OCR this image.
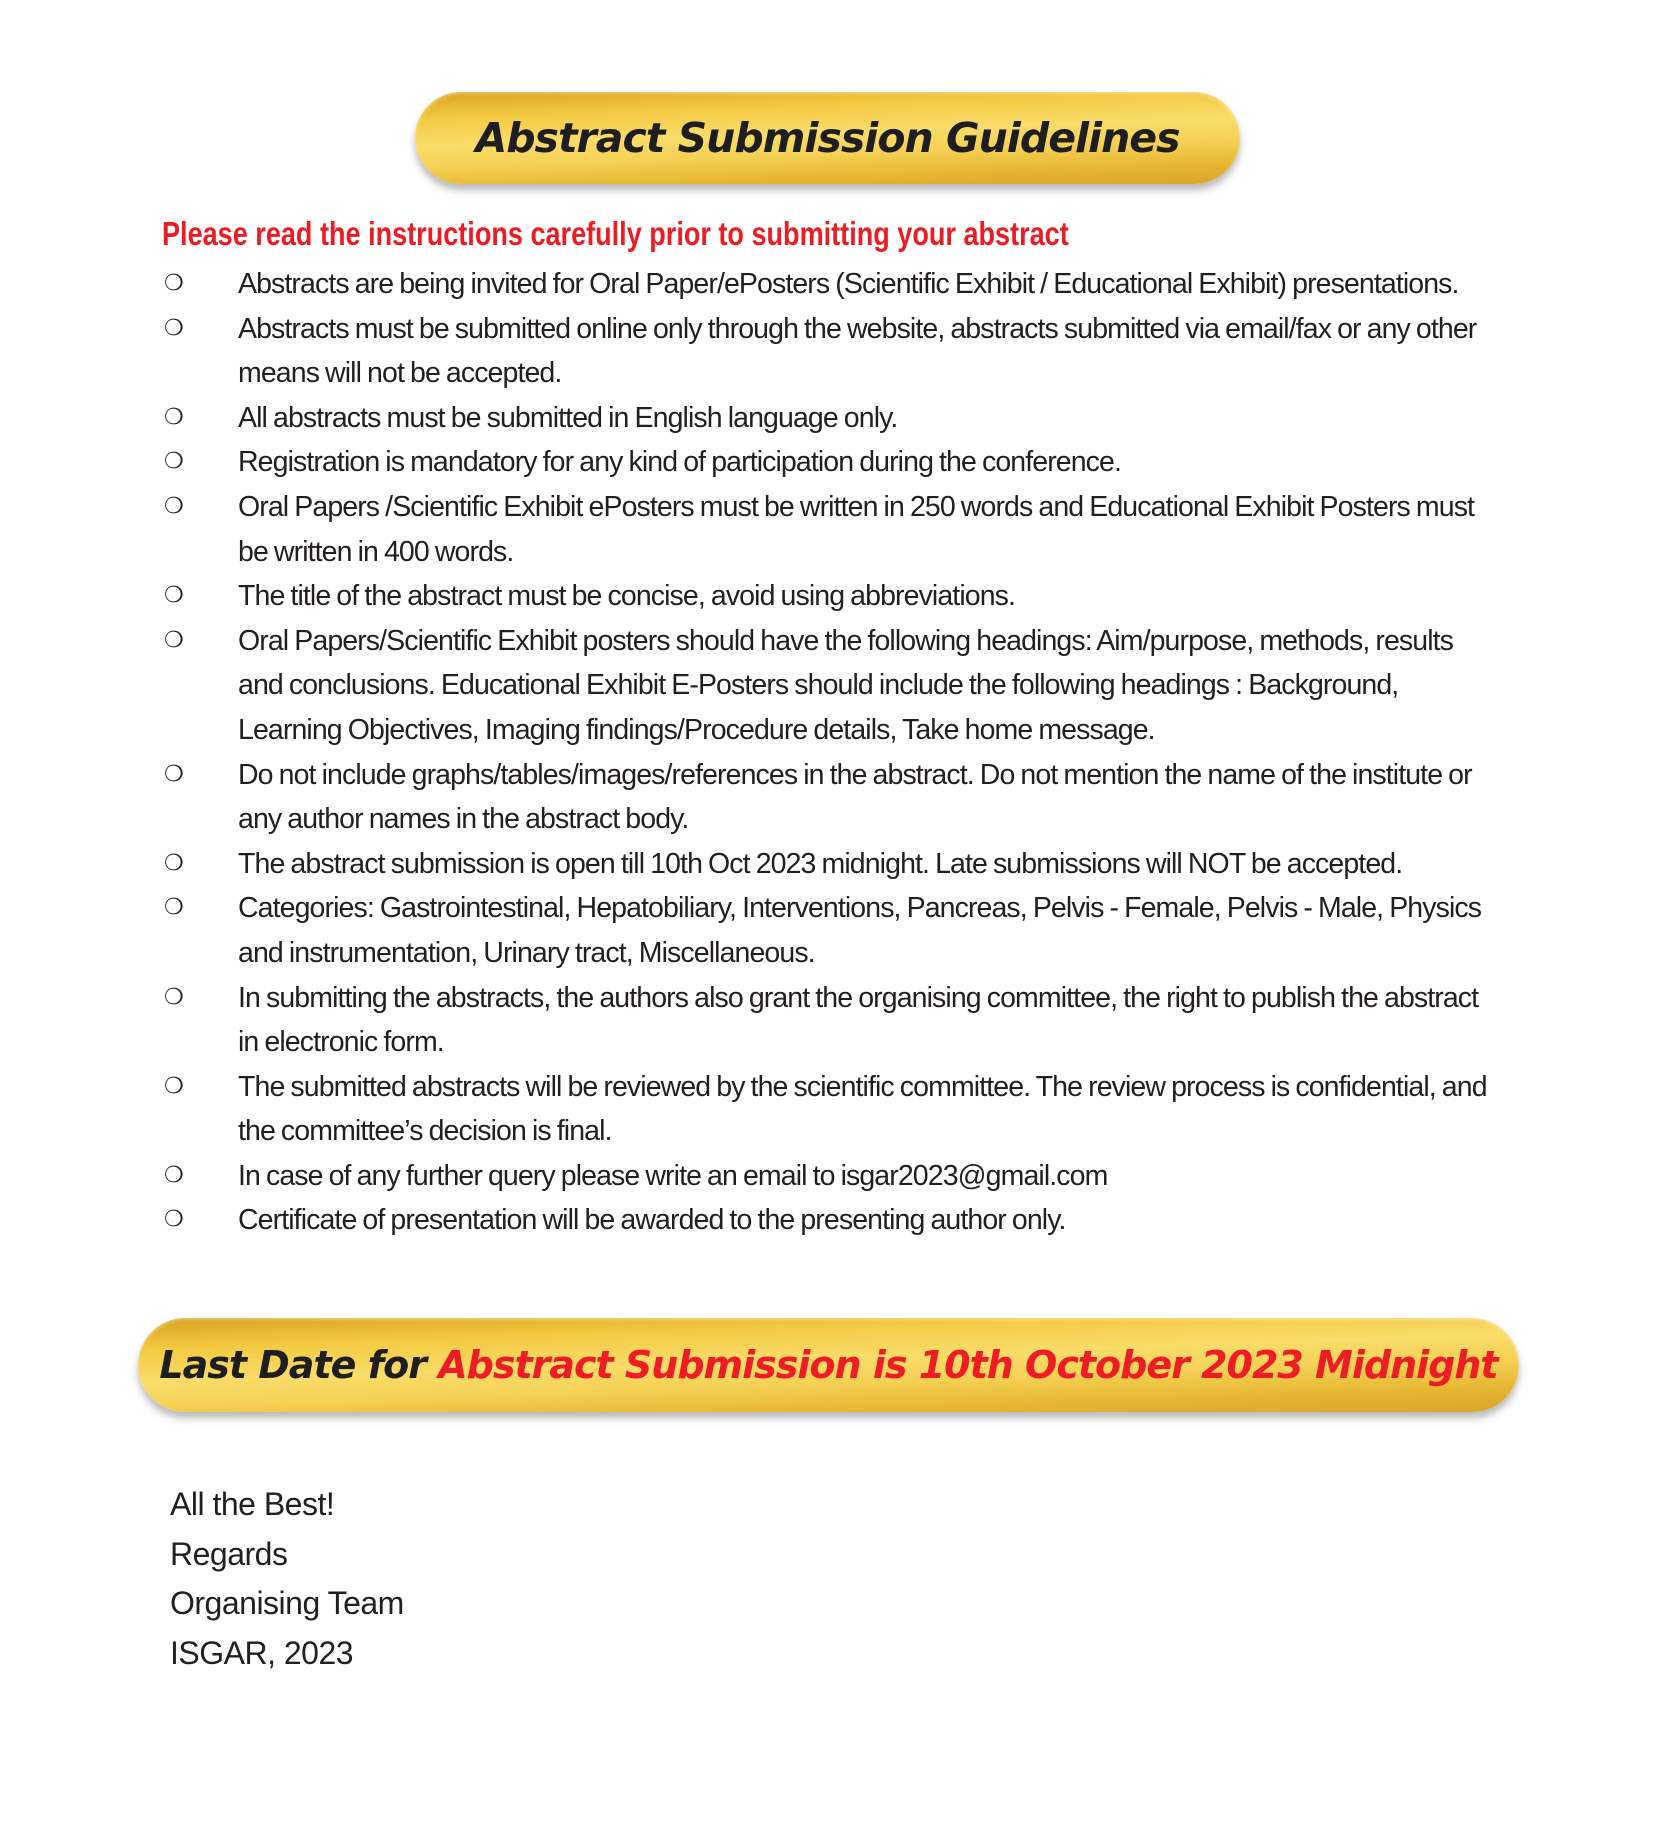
Abstract Submission Guidelines
Please read the instructions carefully prior to submitting your abstract
❍ Abstracts are being invited for Oral Paper/ePosters (Scientific Exhibit / Educational Exhibit) presentations.
❍ Abstracts must be submitted online only through the website, abstracts submitted via email/fax or any other means will not be accepted.
❍ All abstracts must be submitted in English language only.
❍ Registration is mandatory for any kind of participation during the conference.
❍ Oral Papers /Scientific Exhibit ePosters must be written in 250 words and Educational Exhibit Posters must be written in 400 words.
❍ The title of the abstract must be concise, avoid using abbreviations.
❍ Oral Papers/Scientific Exhibit posters should have the following headings: Aim/purpose, methods, results and conclusions. Educational Exhibit E-Posters should include the following headings : Background, Learning Objectives, Imaging findings/Procedure details, Take home message.
❍ Do not include graphs/tables/images/references in the abstract. Do not mention the name of the institute or any author names in the abstract body.
❍ The abstract submission is open till 10th Oct 2023 midnight. Late submissions will NOT be accepted.
❍ Categories: Gastrointestinal, Hepatobiliary, Interventions, Pancreas, Pelvis - Female, Pelvis - Male, Physics and instrumentation, Urinary tract, Miscellaneous.
❍ In submitting the abstracts, the authors also grant the organising committee, the right to publish the abstract in electronic form.
❍ The submitted abstracts will be reviewed by the scientific committee. The review process is confidential, and the committee’s decision is final.
❍ In case of any further query please write an email to isgar2023@gmail.com
❍ Certificate of presentation will be awarded to the presenting author only.
Last Date for Abstract Submission is 10th October 2023 Midnight
All the Best!
Regards
Organising Team
ISGAR, 2023
